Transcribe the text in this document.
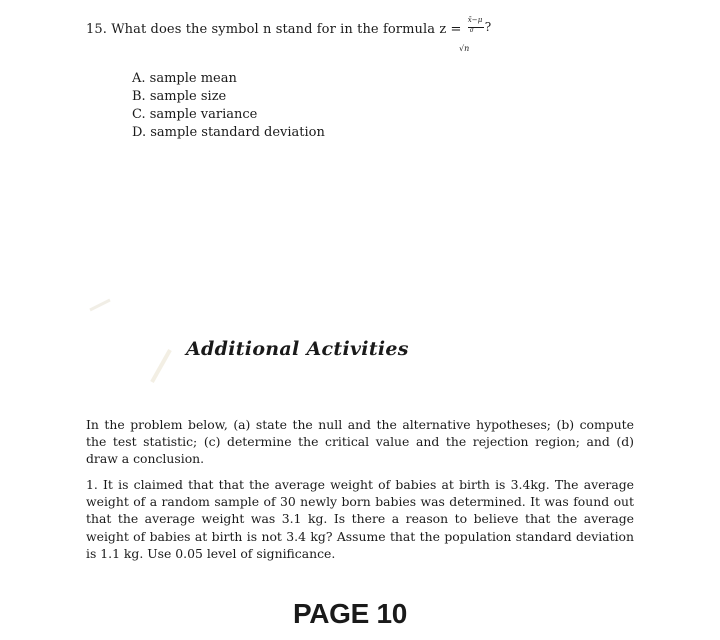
15. What does the symbol n stand for in the formula z =
x̄−μ
σ ?
√n
A. sample mean
B. sample size
C. sample variance
D. sample standard deviation
Additional Activities
In the problem below, (a) state the null and the alternative hypotheses; (b) compute the test statistic; (c) determine the critical value and the rejection region; and (d) draw a conclusion.
1. It is claimed that that the average weight of babies at birth is 3.4kg. The average weight of a random sample of 30 newly born babies was determined. It was found out that the average weight was 3.1 kg. Is there a reason to believe that the average weight of babies at birth is not 3.4 kg? Assume that the population standard deviation is 1.1 kg. Use 0.05 level of significance.
PAGE 10
